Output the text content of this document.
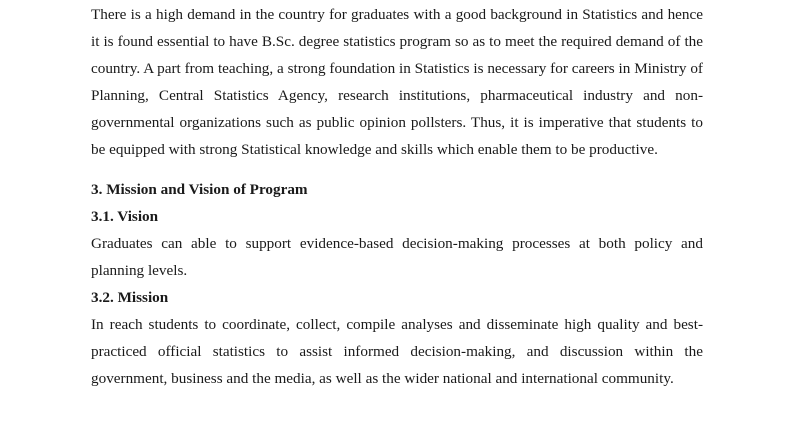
There is a high demand in the country for graduates with a good background in Statistics and hence it is found essential to have B.Sc. degree statistics program so as to meet the required demand of the country. A part from teaching, a strong foundation in Statistics is necessary for careers in Ministry of Planning, Central Statistics Agency, research institutions, pharmaceutical industry and non-governmental organizations such as public opinion pollsters. Thus, it is imperative that students to be equipped with strong Statistical knowledge and skills which enable them to be productive.

3. Mission and Vision of Program
3.1. Vision

Graduates can able to support evidence-based decision-making processes at both policy and planning levels.

3.2. Mission

In reach students to coordinate, collect, compile analyses and disseminate high quality and best-practiced official statistics to assist informed decision-making, and discussion within the government, business and the media, as well as the wider national and international community.
